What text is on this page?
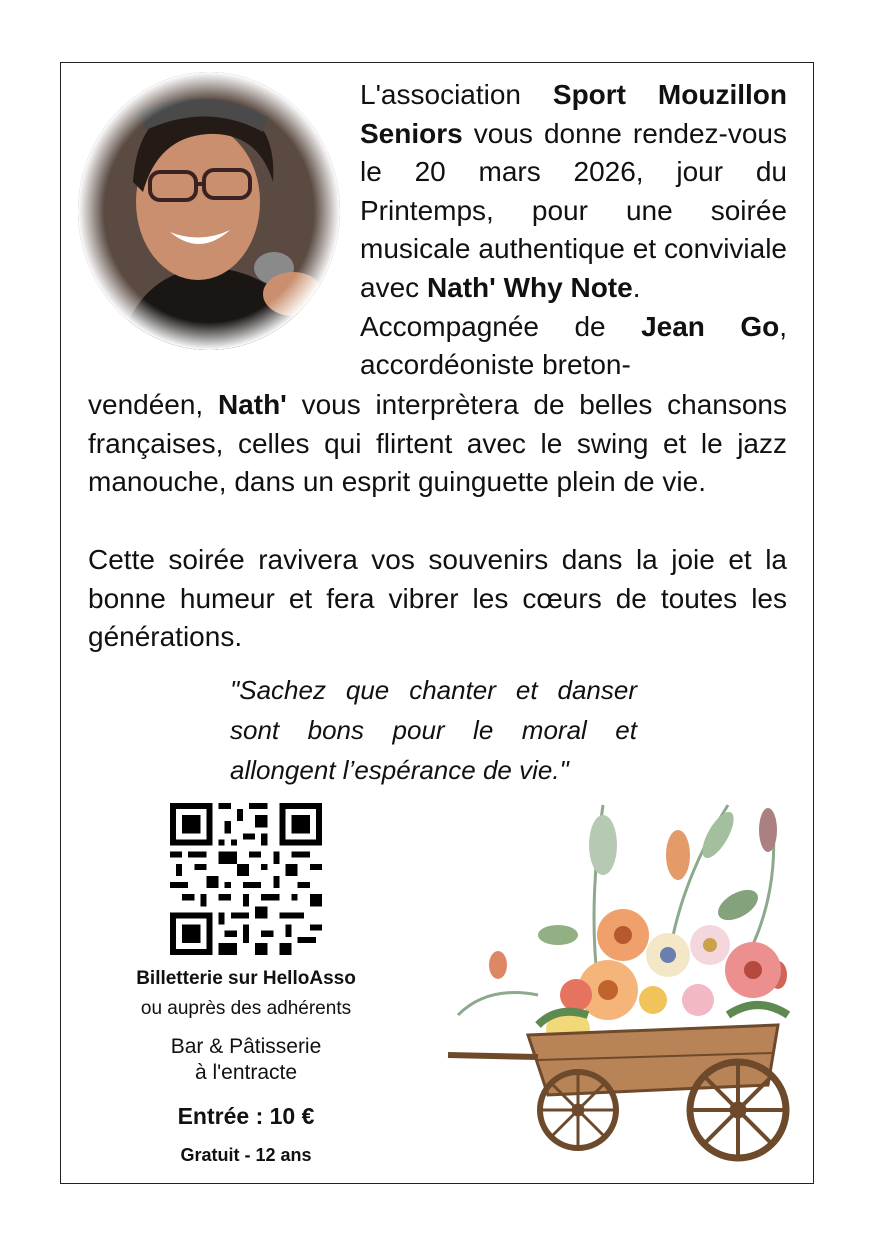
L'association Sport Mouzillon Seniors vous donne rendez-vous le 20 mars 2026, jour du Printemps, pour une soirée musicale authentique et conviviale avec Nath' Why Note.
Accompagnée de Jean Go, accordéoniste breton-
vendéen, Nath' vous interprètera de belles chansons françaises, celles qui flirtent avec le swing et le jazz manouche, dans un esprit guinguette plein de vie.
Cette soirée ravivera vos souvenirs dans la joie et la bonne humeur et fera vibrer les cœurs de toutes les générations.
"Sachez que chanter et danser sont bons pour le moral et allongent l’espérance de vie."
Billetterie sur HelloAsso
ou auprès des adhérents
Bar & Pâtisserie
à l'entracte
Entrée : 10 €
Gratuit - 12 ans
